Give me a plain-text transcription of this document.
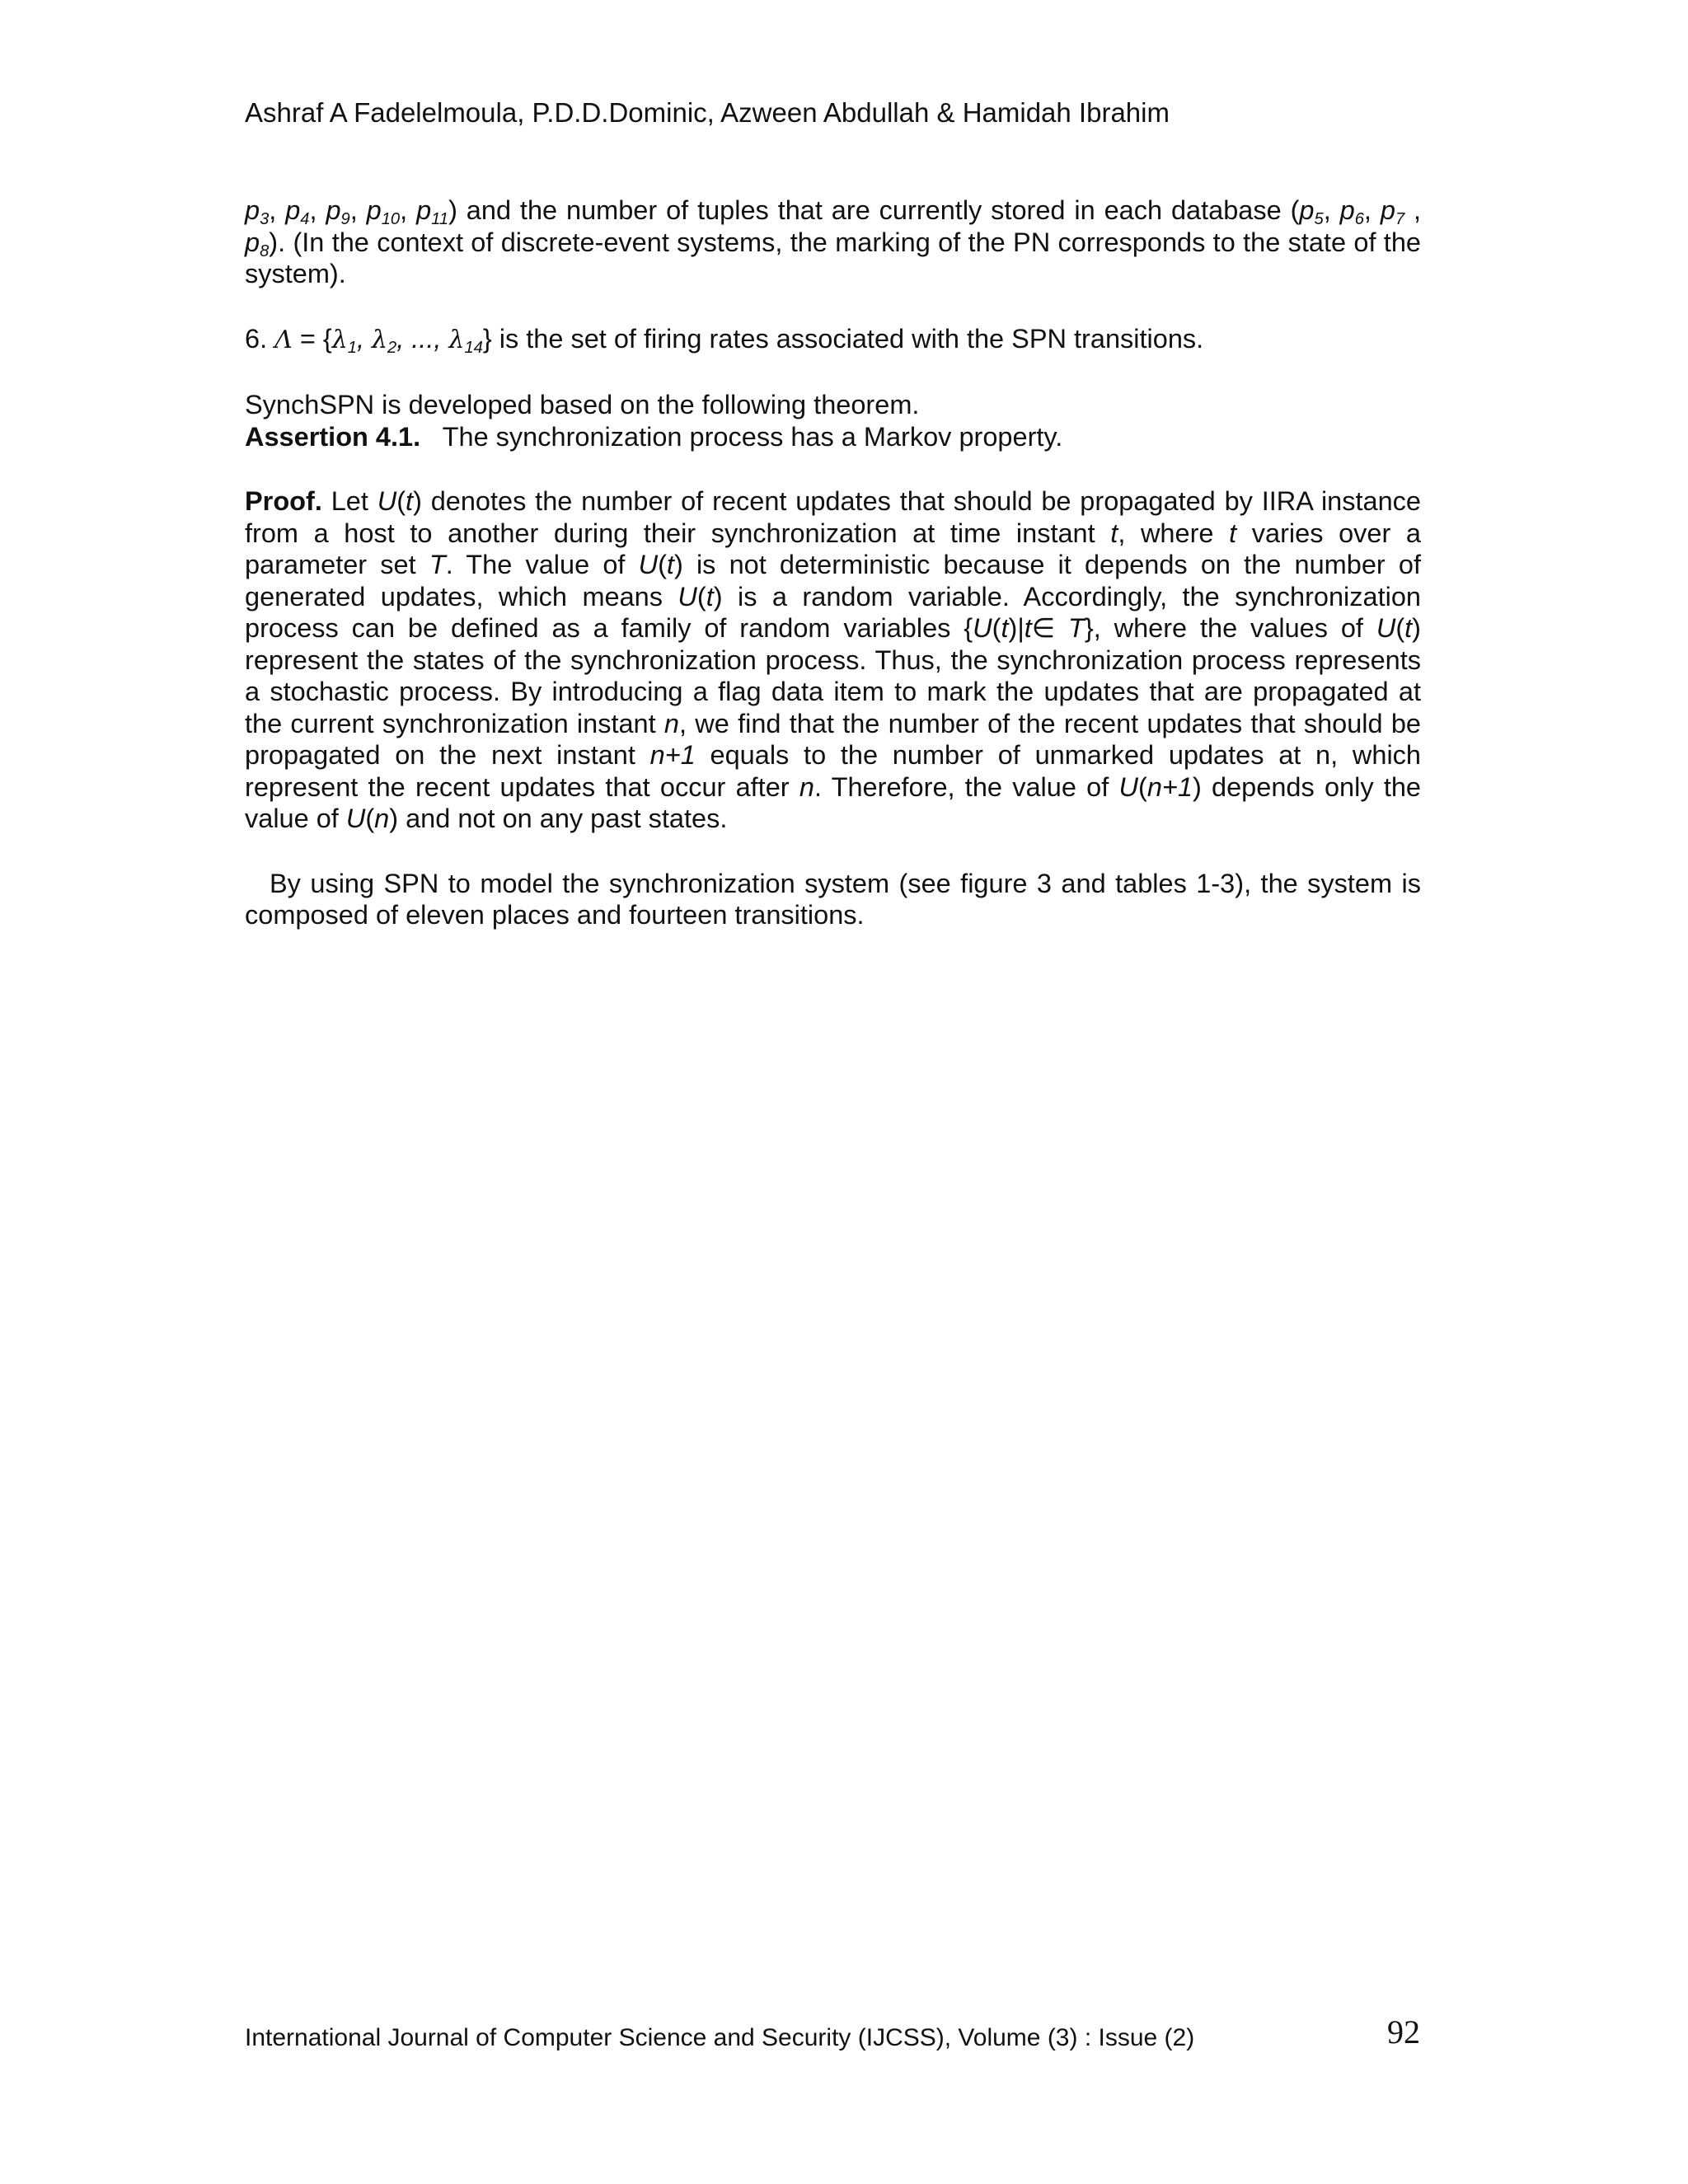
Ashraf A Fadelelmoula, P.D.D.Dominic, Azween Abdullah & Hamidah Ibrahim

$p_3$, $p_4$, $p_9$, $p_{10}$, $p_{11}$) and the number of tuples that are currently stored in each database ($p_5$, $p_6$, $p_7$ , $p_8$). (In the context of discrete-event systems, the marking of the PN corresponds to the state of the system).

6. $\Lambda = \{\lambda_1$, $\lambda_2$, ..., $\lambda_{14}$} is the set of firing rates associated with the SPN transitions.

SynchSPN is developed based on the following theorem.

Assertion 4.1.   The synchronization process has a Markov property.

Proof. Let U(t) denotes the number of recent updates that should be propagated by IIRA instance from a host to another during their synchronization at time instant t, where t varies over a parameter set T. The value of U(t) is not deterministic because it depends on the number of generated updates, which means U(t) is a random variable. Accordingly, the synchronization process can be defined as a family of random variables {U(t)|t∈ T}, where the values of U(t) represent the states of the synchronization process. Thus, the synchronization process represents a stochastic process. By introducing a flag data item to mark the updates that are propagated at the current synchronization instant n, we find that the number of the recent updates that should be propagated on the next instant n+1 equals to the number of unmarked updates at n, which represent the recent updates that occur after n. Therefore, the value of U(n+1) depends only the value of U(n) and not on any past states.

By using SPN to model the synchronization system (see figure 3 and tables 1-3), the system is composed of eleven places and fourteen transitions.

International Journal of Computer Science and Security (IJCSS), Volume (3) : Issue (2)	92
